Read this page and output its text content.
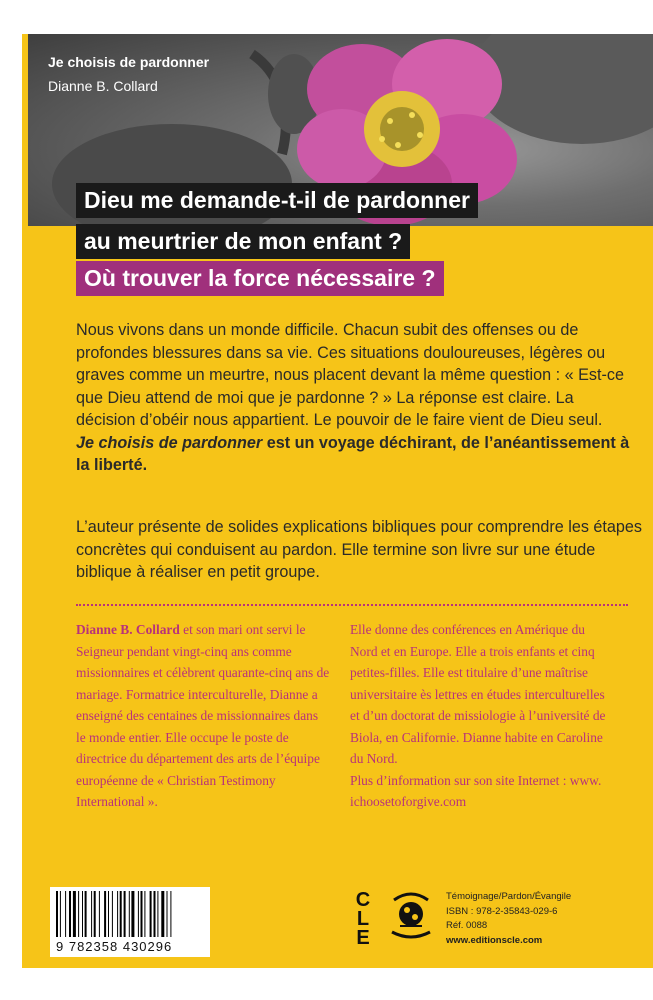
Je choisis de pardonner
Dianne B. Collard
Dieu me demande-t-il de pardonner
au meurtrier de mon enfant ?
Où trouver la force nécessaire ?
Nous vivons dans un monde difficile. Chacun subit des offenses ou de profondes blessures dans sa vie. Ces situations douloureuses, légères ou graves comme un meurtre, nous placent devant la même question : « Est-ce que Dieu attend de moi que je pardonne ? » La réponse est claire. La décision d’obéir nous appartient. Le pouvoir de le faire vient de Dieu seul.
Je choisis de pardonner est un voyage déchirant, de l’anéantissement à la liberté.
L’auteur présente de solides explications bibliques pour comprendre les étapes concrètes qui conduisent au pardon. Elle termine son livre sur une étude biblique à réaliser en petit groupe.
Dianne B. Collard et son mari ont servi le Seigneur pendant vingt-cinq ans comme missionnaires et célèbrent quarante-cinq ans de mariage. Formatrice interculturelle, Dianne a enseigné des centaines de missionnaires dans le monde entier. Elle occupe le poste de directrice du département des arts de l’équipe européenne de « Christian Testimony International ».
Elle donne des conférences en Amérique du Nord et en Europe. Elle a trois enfants et cinq petites-filles. Elle est titulaire d’une maîtrise universitaire ès lettres en études interculturelles et d’un doctorat de missiologie à l’université de Biola, en Californie. Dianne habite en Caroline du Nord.
Plus d’information sur son site Internet : www. ichoosetoforgive.com
9 782358 430296
C
L
E
Témoignage/Pardon/Évangile
ISBN : 978-2-35843-029-6
Réf. 0088
www.editionscle.com
